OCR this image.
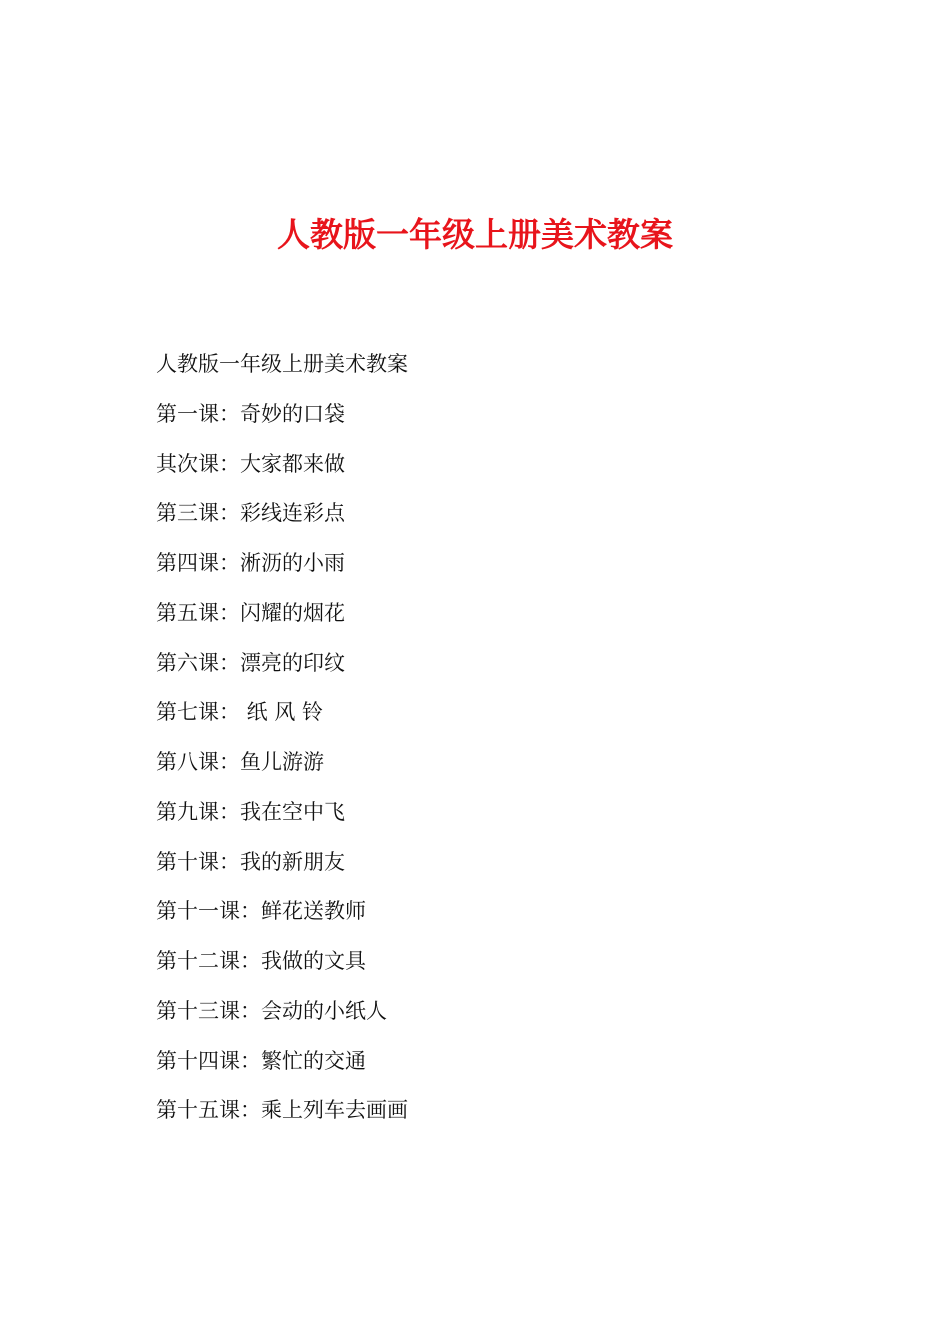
人教版一年级上册美术教案
人教版一年级上册美术教案
第一课：奇妙的口袋
其次课：大家都来做
第三课：彩线连彩点
第四课：淅沥的小雨
第五课：闪耀的烟花
第六课：漂亮的印纹
第七课： 纸 风 铃
第八课：鱼儿游游
第九课：我在空中飞
第十课：我的新朋友
第十一课：鲜花送教师
第十二课：我做的文具
第十三课：会动的小纸人
第十四课：繁忙的交通
第十五课：乘上列车去画画
